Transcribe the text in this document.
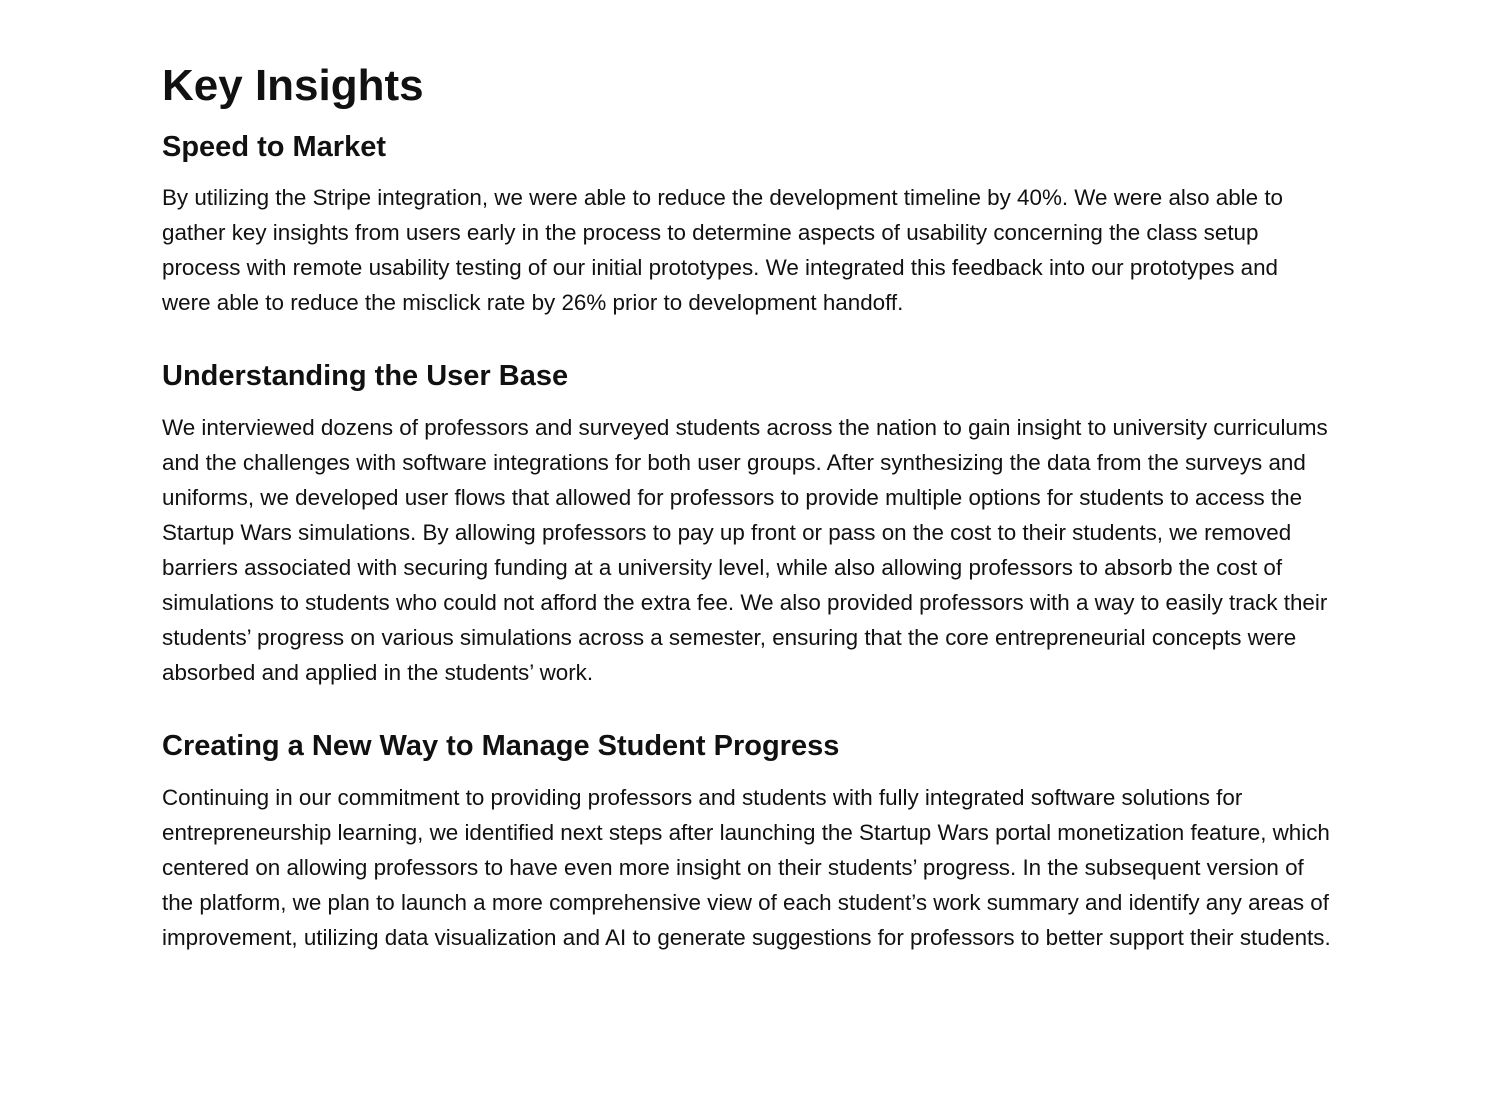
Key Insights
Speed to Market

By utilizing the Stripe integration, we were able to reduce the development timeline by 40%. We were also able to gather key insights from users early in the process to determine aspects of usability concerning the class setup process with remote usability testing of our initial prototypes. We integrated this feedback into our prototypes and were able to reduce the misclick rate by 26% prior to development handoff.

Understanding the User Base

We interviewed dozens of professors and surveyed students across the nation to gain insight to university curriculums and the challenges with software integrations for both user groups. After synthesizing the data from the surveys and uniforms, we developed user flows that allowed for professors to provide multiple options for students to access the Startup Wars simulations. By allowing professors to pay up front or pass on the cost to their students, we removed barriers associated with securing funding at a university level, while also allowing professors to absorb the cost of simulations to students who could not afford the extra fee. We also provided professors with a way to easily track their students’ progress on various simulations across a semester, ensuring that the core entrepreneurial concepts were absorbed and applied in the students’ work.

Creating a New Way to Manage Student Progress

Continuing in our commitment to providing professors and students with fully integrated software solutions for entrepreneurship learning, we identified next steps after launching the Startup Wars portal monetization feature, which centered on allowing professors to have even more insight on their students’ progress. In the subsequent version of the platform, we plan to launch a more comprehensive view of each student’s work summary and identify any areas of improvement, utilizing data visualization and AI to generate suggestions for professors to better support their students.
